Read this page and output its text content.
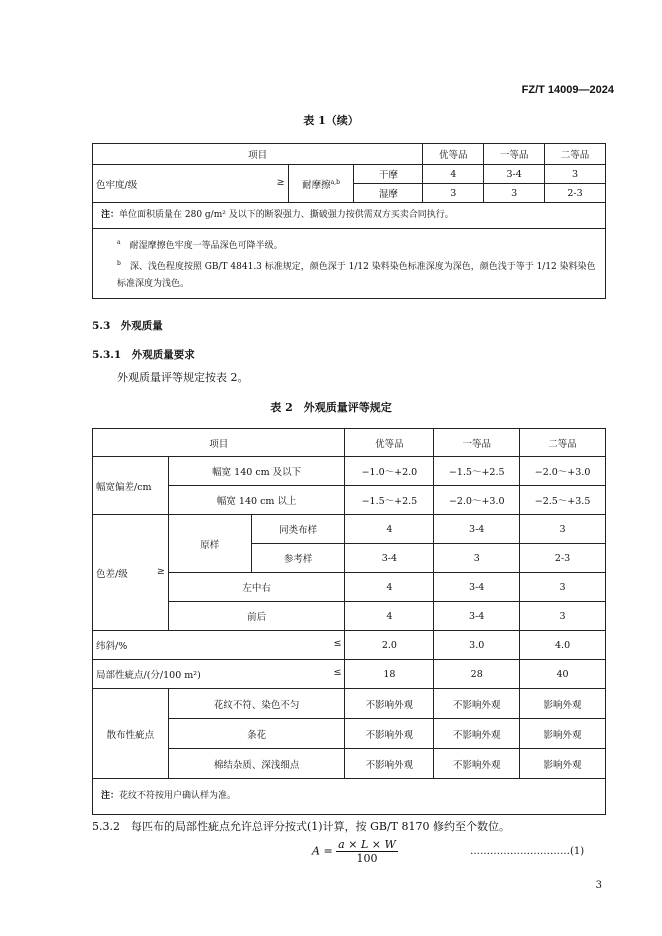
FZ/T 14009—2024
表 1（续）
项目			优等品	一等品	二等品
色牢度/级 ≥	耐摩擦$^{a,b}$	干摩	4	3-4	3
		湿摩	3	3	2-3
注：单位面积质量在 280 g/m² 及以下的断裂强力、撕破强力按供需双方买卖合同执行。					

$^a$　 耐湿摩擦色牢度一等品深色可降半级。
$^b$　 深、浅色程度按照 GB/T 4841.3 标准规定，颜色深于 1/12 染料染色标准深度为深色，颜色浅于等于 1/12 染料染色标准深度为浅色。					
5.3　 外观质量
5.3.1　 外观质量要求
外观质量评等规定按表 2。
表 2　外观质量评等规定
项目			优等品	一等品	二等品
幅宽偏差/cm	幅宽 140 cm 及以下		−1.0～+2.0	−1.5～+2.5	−2.0～+3.0
	幅宽 140 cm 以上		−1.5～+2.5	−2.0～+3.0	−2.5～+3.5
色差/级 ≥	原样	同类布样	4	3-4	3
		参考样	3-4	3	2-3
	左中右		4	3-4	3
	前后		4	3-4	3
纬斜/% ≤			2.0	3.0	4.0
局部性疵点/(分/100 m²) ≤			18	28	40
散布性疵点	花纹不符、染色不匀		不影响外观	不影响外观	影响外观
	条花		不影响外观	不影响外观	影响外观
	棉结杂质、深浅细点		不影响外观	不影响外观	影响外观
注：花纹不符按用户确认样为准。					
5.3.2　 每匹布的局部性疵点允许总评分按式(1)计算，按 GB/T 8170 修约至个数位。
$A = \frac{a \times L \times W}{100}$	…………………………(1)
3
